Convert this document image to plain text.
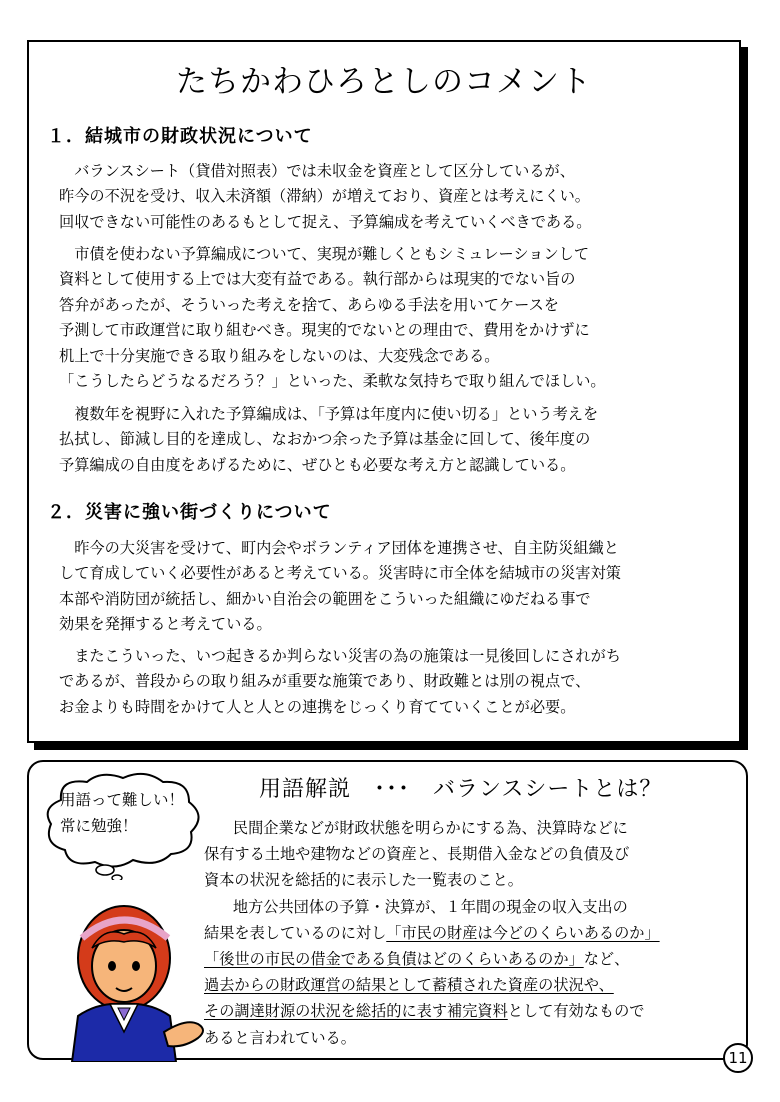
たちかわひろとしのコメント
１．結城市の財政状況について
バランスシート（貸借対照表）では未収金を資産として区分しているが、
昨今の不況を受け、収入未済額（滞納）が増えており、資産とは考えにくい。
回収できない可能性のあるもとして捉え、予算編成を考えていくべきである。
市債を使わない予算編成について、実現が難しくともシミュレーションして
資料として使用する上では大変有益である。執行部からは現実的でない旨の
答弁があったが、そういった考えを捨て、あらゆる手法を用いてケースを
予測して市政運営に取り組むべき。現実的でないとの理由で、費用をかけずに
机上で十分実施できる取り組みをしないのは、大変残念である。
「こうしたらどうなるだろう？」といった、柔軟な気持ちで取り組んでほしい。
複数年を視野に入れた予算編成は、「予算は年度内に使い切る」という考えを
払拭し、節減し目的を達成し、なおかつ余った予算は基金に回して、後年度の
予算編成の自由度をあげるために、ぜひとも必要な考え方と認識している。
２．災害に強い街づくりについて
昨今の大災害を受けて、町内会やボランティア団体を連携させ、自主防災組織と
して育成していく必要性があると考えている。災害時に市全体を結城市の災害対策
本部や消防団が統括し、細かい自治会の範囲をこういった組織にゆだねる事で
効果を発揮すると考えている。
またこういった、いつ起きるか判らない災害の為の施策は一見後回しにされがち
であるが、普段からの取り組みが重要な施策であり、財政難とは別の視点で、
お金よりも時間をかけて人と人との連携をじっくり育てていくことが必要。
用語解説　･･･　バランスシートとは？
用語って難しい！
常に勉強！	民間企業などが財政状態を明らかにする為、決算時などに
保有する土地や建物などの資産と、長期借入金などの負債及び
資本の状況を総括的に表示した一覧表のこと。
地方公共団体の予算・決算が、１年間の現金の収入支出の
結果を表しているのに対し「市民の財産は今どのくらいあるのか」
「後世の市民の借金である負債はどのくらいあるのか」など、
過去からの財政運営の結果として蓄積された資産の状況や、
その調達財源の状況を総括的に表す補完資料として有効なもので
あると言われている。
11
